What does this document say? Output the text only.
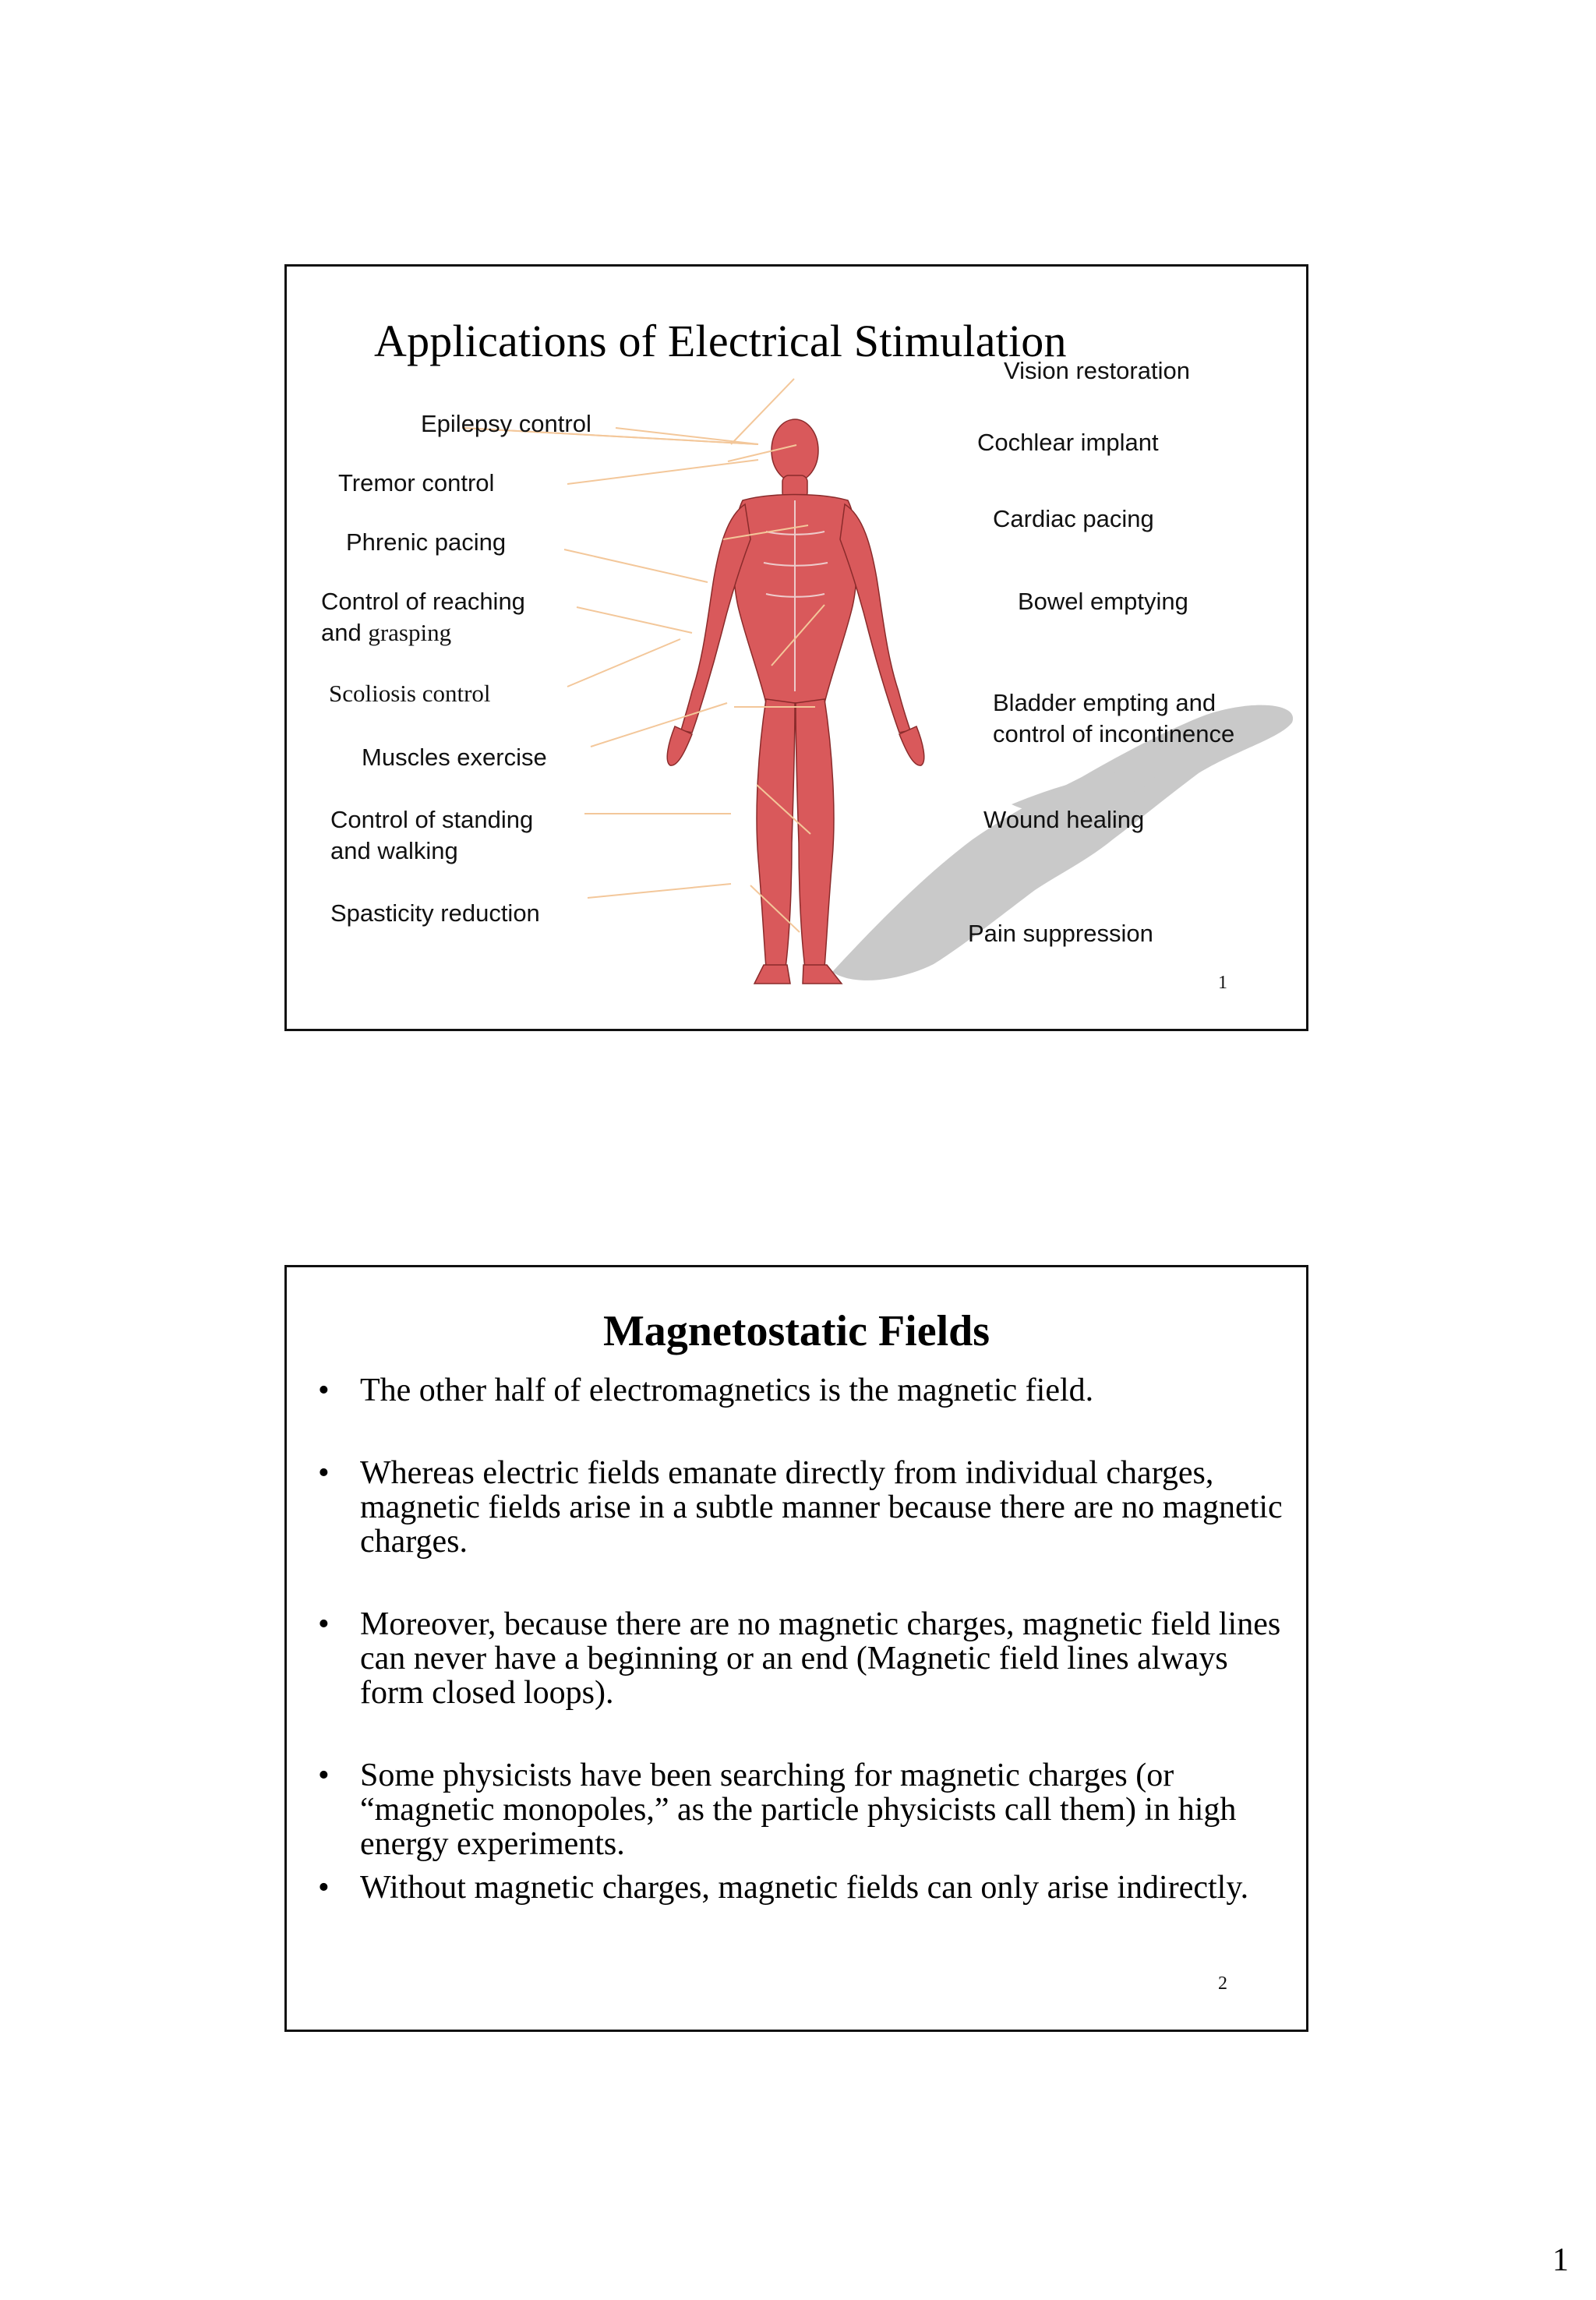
Applications of Electrical Stimulation
Vision restoration
Epilepsy control
Cochlear implant
Tremor control
Cardiac pacing
Phrenic pacing
Control of reaching
and grasping
Bowel emptying
Scoliosis control	Bladder empting and
control of incontinence
Muscles exercise
Control of standing
and walking
Wound healing
Spasticity reduction
Pain suppression
1
Magnetostatic Fields
• The other half of electromagnetics is the magnetic field.
• Whereas electric fields emanate directly from individual charges, magnetic fields arise in a subtle manner because there are no magnetic charges.
• Moreover, because there are no magnetic charges, magnetic field lines can never have a beginning or an end (Magnetic field lines always form closed loops).
• Some physicists have been searching for magnetic charges (or “magnetic monopoles,” as the particle physicists call them) in high energy experiments.
• Without magnetic charges, magnetic fields can only arise indirectly.
2
1
